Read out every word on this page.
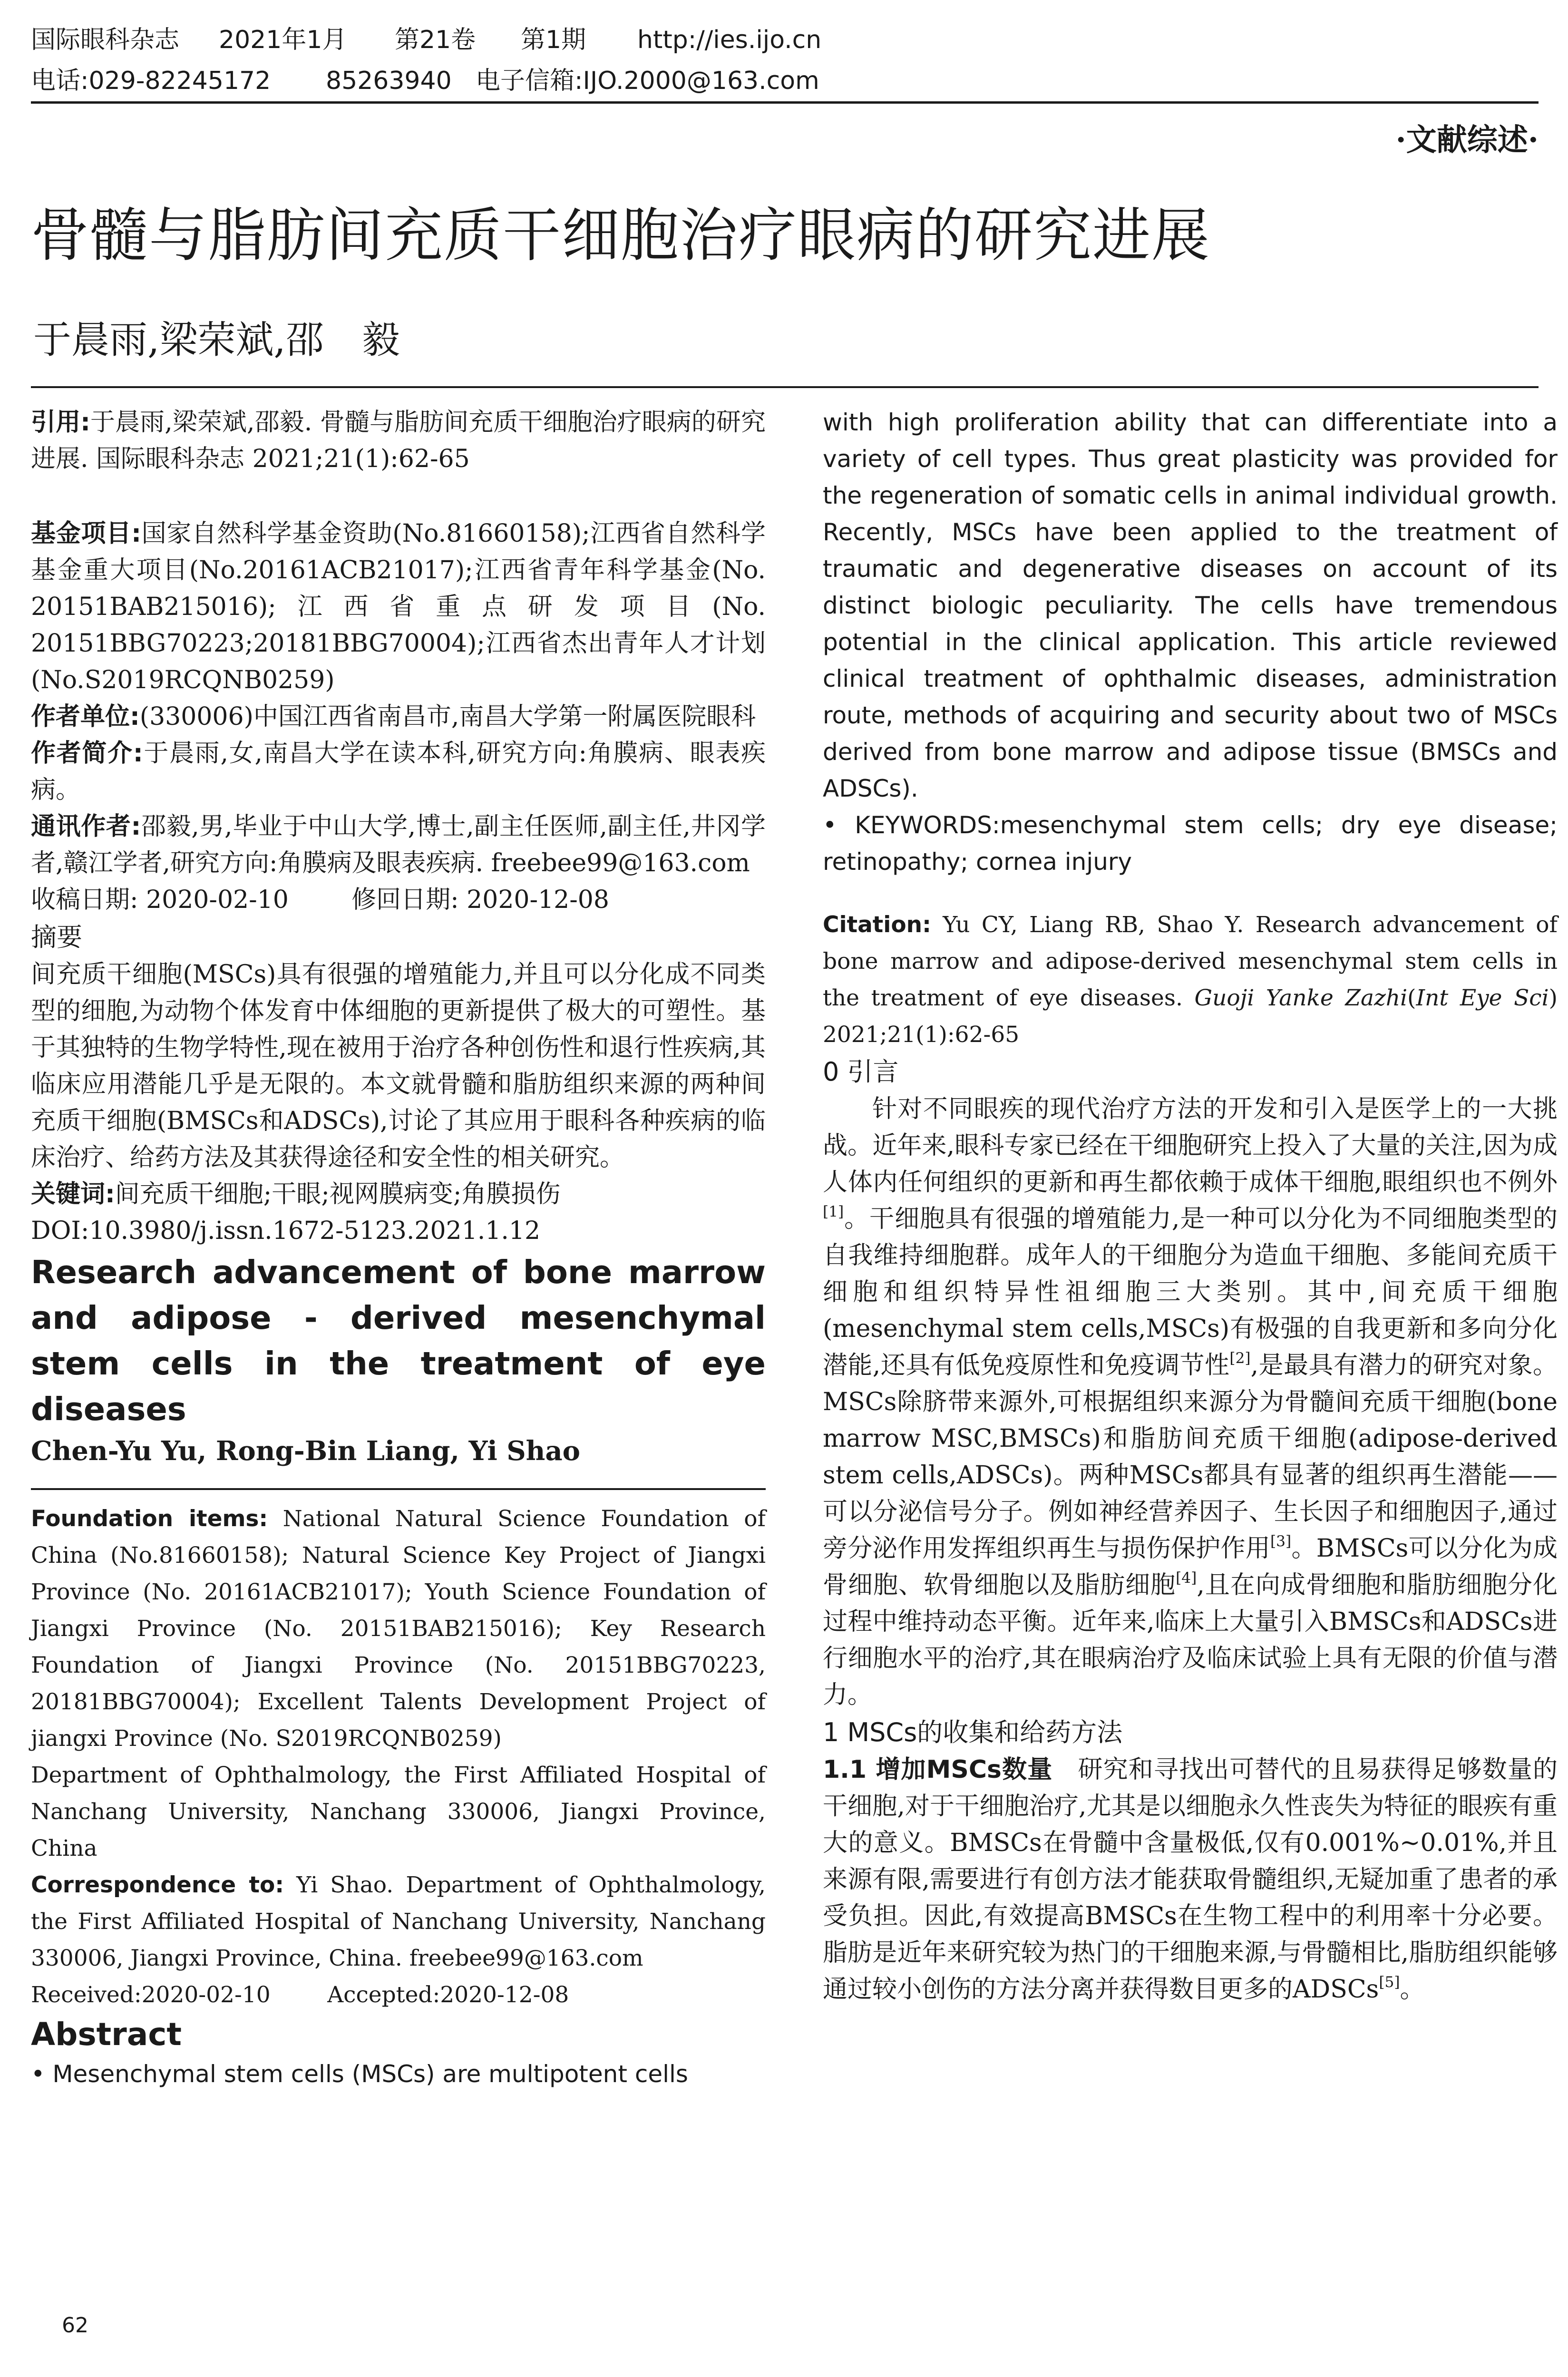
国际眼科杂志

2021年1月

第21卷

第1期

http://ies.ijo.cn

电话:029-82245172

85263940

电子信箱:IJO.2000@163.com

·文献综述·
骨髓与脂肪间充质干细胞治疗眼病的研究进展
于晨雨,梁荣斌,邵　毅

引用:于晨雨,梁荣斌,邵毅. 骨髓与脂肪间充质干细胞治疗眼病的研究进展. 国际眼科杂志 2021;21(1):62-65

基金项目:国家自然科学基金资助(No.81660158);江西省自然科学基金重大项目(No.20161ACB21017);江西省青年科学基金(No. 20151BAB215016);江西省重点研发项目(No. 20151BBG70223;20181BBG70004);江西省杰出青年人才计划(No.S2019RCQNB0259)

作者单位:(330006)中国江西省南昌市,南昌大学第一附属医院眼科

作者简介:于晨雨,女,南昌大学在读本科,研究方向:角膜病、眼表疾病。

通讯作者:邵毅,男,毕业于中山大学,博士,副主任医师,副主任,井冈学者,赣江学者,研究方向:角膜病及眼表疾病. freebee99@163.com

收稿日期: 2020-02-10	修回日期: 2020-12-08

摘要

间充质干细胞(MSCs)具有很强的增殖能力,并且可以分化成不同类型的细胞,为动物个体发育中体细胞的更新提供了极大的可塑性。基于其独特的生物学特性,现在被用于治疗各种创伤性和退行性疾病,其临床应用潜能几乎是无限的。本文就骨髓和脂肪组织来源的两种间充质干细胞(BMSCs和ADSCs),讨论了其应用于眼科各种疾病的临床治疗、给药方法及其获得途径和安全性的相关研究。

关键词:间充质干细胞;干眼;视网膜病变;角膜损伤

DOI:10.3980/j.issn.1672-5123.2021.1.12

Research advancement of bone marrow and adipose - derived mesenchymal stem cells in the treatment of eye diseases

Chen-Yu Yu, Rong-Bin Liang, Yi Shao

Foundation items: National Natural Science Foundation of China (No.81660158); Natural Science Key Project of Jiangxi Province (No. 20161ACB21017); Youth Science Foundation of Jiangxi Province (No. 20151BAB215016); Key Research Foundation of Jiangxi Province (No. 20151BBG70223, 20181BBG70004); Excellent Talents Development Project of jiangxi Province (No. S2019RCQNB0259)

Department of Ophthalmology, the First Affiliated Hospital of Nanchang University, Nanchang 330006, Jiangxi Province, China

Correspondence to: Yi Shao. Department of Ophthalmology, the First Affiliated Hospital of Nanchang University, Nanchang 330006, Jiangxi Province, China. freebee99@163.com

Received:2020-02-10	Accepted:2020-12-08

Abstract

• Mesenchymal stem cells (MSCs) are multipotent cells

with high proliferation ability that can differentiate into a variety of cell types. Thus great plasticity was provided for the regeneration of somatic cells in animal individual growth. Recently, MSCs have been applied to the treatment of traumatic and degenerative diseases on account of its distinct biologic peculiarity. The cells have tremendous potential in the clinical application. This article reviewed clinical treatment of ophthalmic diseases, administration route, methods of acquiring and security about two of MSCs derived from bone marrow and adipose tissue (BMSCs and ADSCs).

• KEYWORDS:mesenchymal stem cells; dry eye disease; retinopathy; cornea injury

Citation: Yu CY, Liang RB, Shao Y. Research advancement of bone marrow and adipose-derived mesenchymal stem cells in the treatment of eye diseases. Guoji Yanke Zazhi(Int Eye Sci) 2021;21(1):62-65

0 引言

针对不同眼疾的现代治疗方法的开发和引入是医学上的一大挑战。近年来,眼科专家已经在干细胞研究上投入了大量的关注,因为成人体内任何组织的更新和再生都依赖于成体干细胞,眼组织也不例外[1]。干细胞具有很强的增殖能力,是一种可以分化为不同细胞类型的自我维持细胞群。成年人的干细胞分为造血干细胞、多能间充质干细胞和组织特异性祖细胞三大类别。其中,间充质干细胞(mesenchymal stem cells,MSCs)有极强的自我更新和多向分化潜能,还具有低免疫原性和免疫调节性[2],是最具有潜力的研究对象。MSCs除脐带来源外,可根据组织来源分为骨髓间充质干细胞(bone marrow MSC,BMSCs)和脂肪间充质干细胞(adipose-derived stem cells,ADSCs)。两种MSCs都具有显著的组织再生潜能——可以分泌信号分子。例如神经营养因子、生长因子和细胞因子,通过旁分泌作用发挥组织再生与损伤保护作用[3]。BMSCs可以分化为成骨细胞、软骨细胞以及脂肪细胞[4],且在向成骨细胞和脂肪细胞分化过程中维持动态平衡。近年来,临床上大量引入BMSCs和ADSCs进行细胞水平的治疗,其在眼病治疗及临床试验上具有无限的价值与潜力。

1 MSCs的收集和给药方法

1.1 增加MSCs数量　 研究和寻找出可替代的且易获得足够数量的干细胞,对于干细胞治疗,尤其是以细胞永久性丧失为特征的眼疾有重大的意义。BMSCs在骨髓中含量极低,仅有0.001%~0.01%,并且来源有限,需要进行有创方法才能获取骨髓组织,无疑加重了患者的承受负担。因此,有效提高BMSCs在生物工程中的利用率十分必要。脂肪是近年来研究较为热门的干细胞来源,与骨髓相比,脂肪组织能够通过较小创伤的方法分离并获得数目更多的ADSCs[5]。

62
